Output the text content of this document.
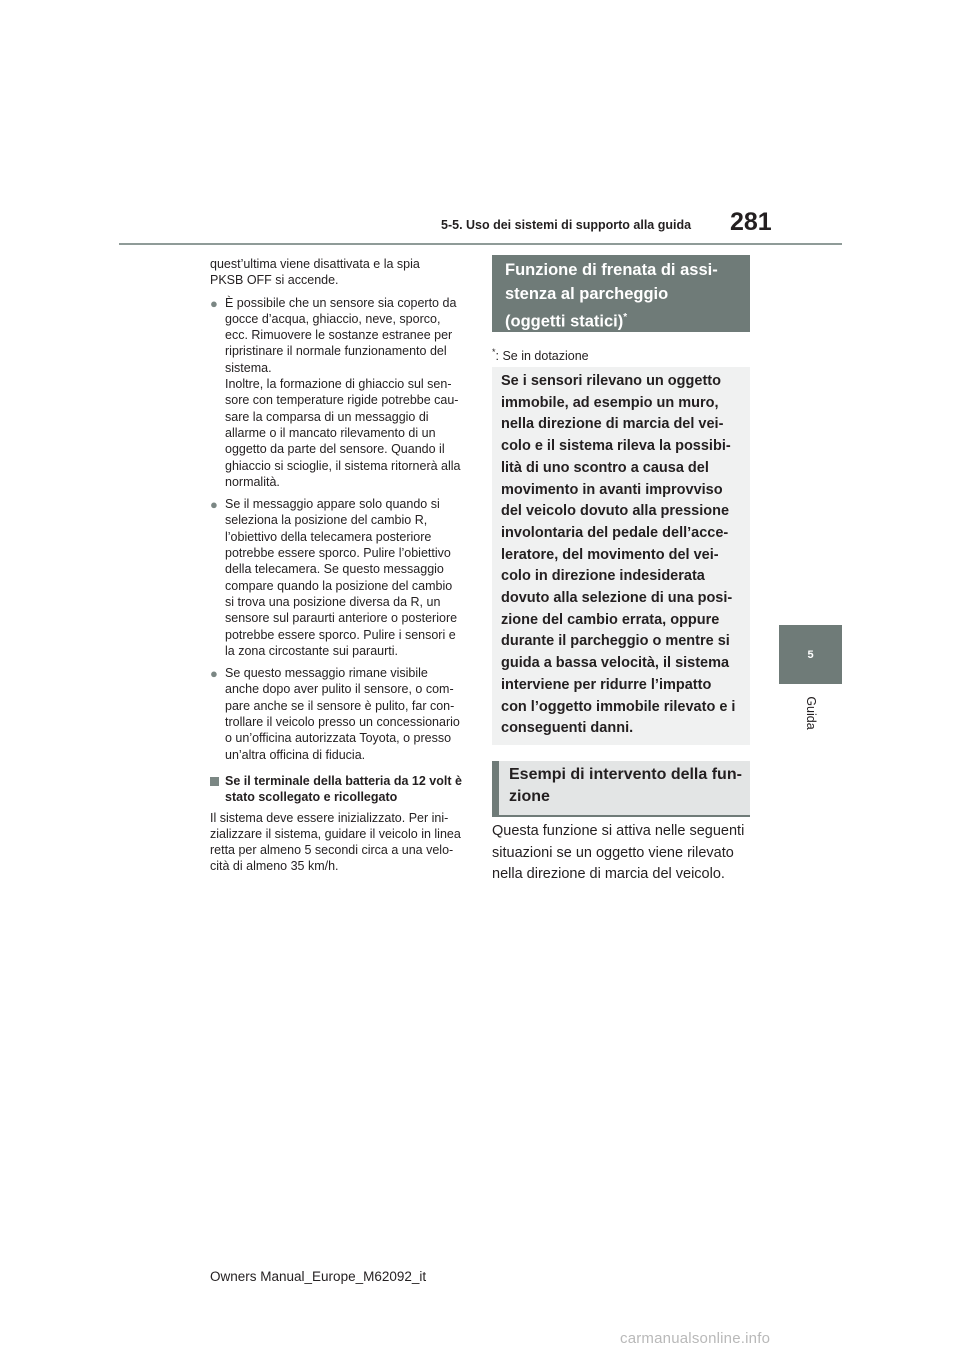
5-5. Uso dei sistemi di supporto alla guida	281
5
Guida

quest’ultima viene disattivata e la spia
PKSB OFF si accende.

● È possibile che un sensore sia coperto da
gocce d’acqua, ghiaccio, neve, sporco,
ecc. Rimuovere le sostanze estranee per
ripristinare il normale funzionamento del
sistema.
Inoltre, la formazione di ghiaccio sul sen-
sore con temperature rigide potrebbe cau-
sare la comparsa di un messaggio di
allarme o il mancato rilevamento di un
oggetto da parte del sensore. Quando il
ghiaccio si scioglie, il sistema ritornerà alla
normalità.
● Se il messaggio appare solo quando si
seleziona la posizione del cambio R,
l’obiettivo della telecamera posteriore
potrebbe essere sporco. Pulire l’obiettivo
della telecamera. Se questo messaggio
compare quando la posizione del cambio
si trova una posizione diversa da R, un
sensore sul paraurti anteriore o posteriore
potrebbe essere sporco. Pulire i sensori e
la zona circostante sui paraurti.
● Se questo messaggio rimane visibile
anche dopo aver pulito il sensore, o com-
pare anche se il sensore è pulito, far con-
trollare il veicolo presso un concessionario
o un’officina autorizzata Toyota, o presso
un’altra officina di fiducia.
Se il terminale della batteria da 12 volt è
stato scollegato e ricollegato

Il sistema deve essere inizializzato. Per ini-
zializzare il sistema, guidare il veicolo in linea
retta per almeno 5 secondi circa a una velo-
cità di almeno 35 km/h.

Funzione di frenata di assi-
stenza al parcheggio
(oggetti statici)*
*: Se in dotazione
Se i sensori rilevano un oggetto
immobile, ad esempio un muro,
nella direzione di marcia del vei-
colo e il sistema rileva la possibi-
lità di uno scontro a causa del
movimento in avanti improvviso
del veicolo dovuto alla pressione
involontaria del pedale dell’acce-
leratore, del movimento del vei-
colo in direzione indesiderata
dovuto alla selezione di una posi-
zione del cambio errata, oppure
durante il parcheggio o mentre si
guida a bassa velocità, il sistema
interviene per ridurre l’impatto
con l’oggetto immobile rilevato e i
conseguenti danni.
Esempi di intervento della fun-
zione
Questa funzione si attiva nelle seguenti
situazioni se un oggetto viene rilevato
nella direzione di marcia del veicolo.
Owners Manual_Europe_M62092_it
carmanualsonline.info
